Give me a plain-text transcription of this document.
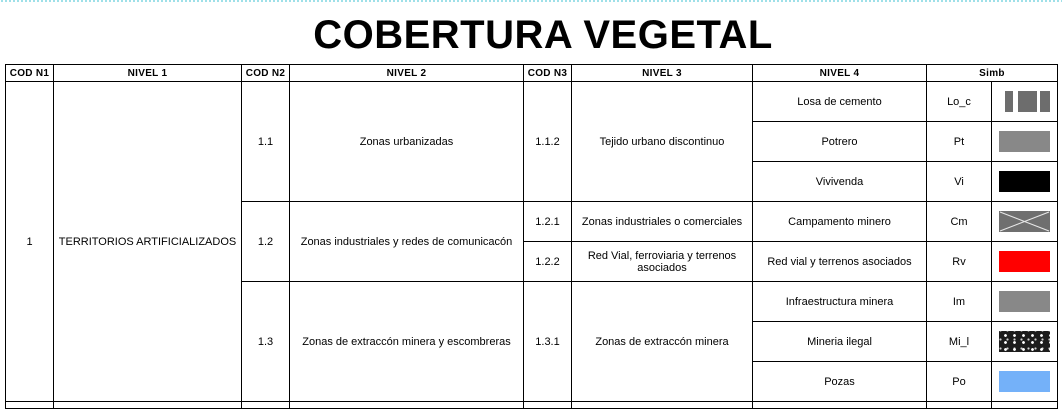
COBERTURA VEGETAL
COD N1	NIVEL 1	COD N2	NIVEL 2	COD N3	NIVEL 3	NIVEL 4	Simb	
1	TERRITORIOS ARTIFICIALIZADOS	1.1	Zonas urbanizadas	1.1.2	Tejido urbano discontinuo	Losa de cemento	Lo_c	

						Potrero	Pt	

						Vivivenda	Vi	

		1.2	Zonas industriales y redes de comunicacón	1.2.1	Zonas industriales o comerciales	Campamento minero	Cm	

				1.2.2	Red Vial, ferroviaria y terrenos asociados	Red vial y terrenos asociados	Rv	

		1.3	Zonas de extraccón minera y escombreras	1.3.1	Zonas de extraccón minera	Infraestructura minera	Im	

						Mineria ilegal	Mi_l	

						Pozas	Po	
